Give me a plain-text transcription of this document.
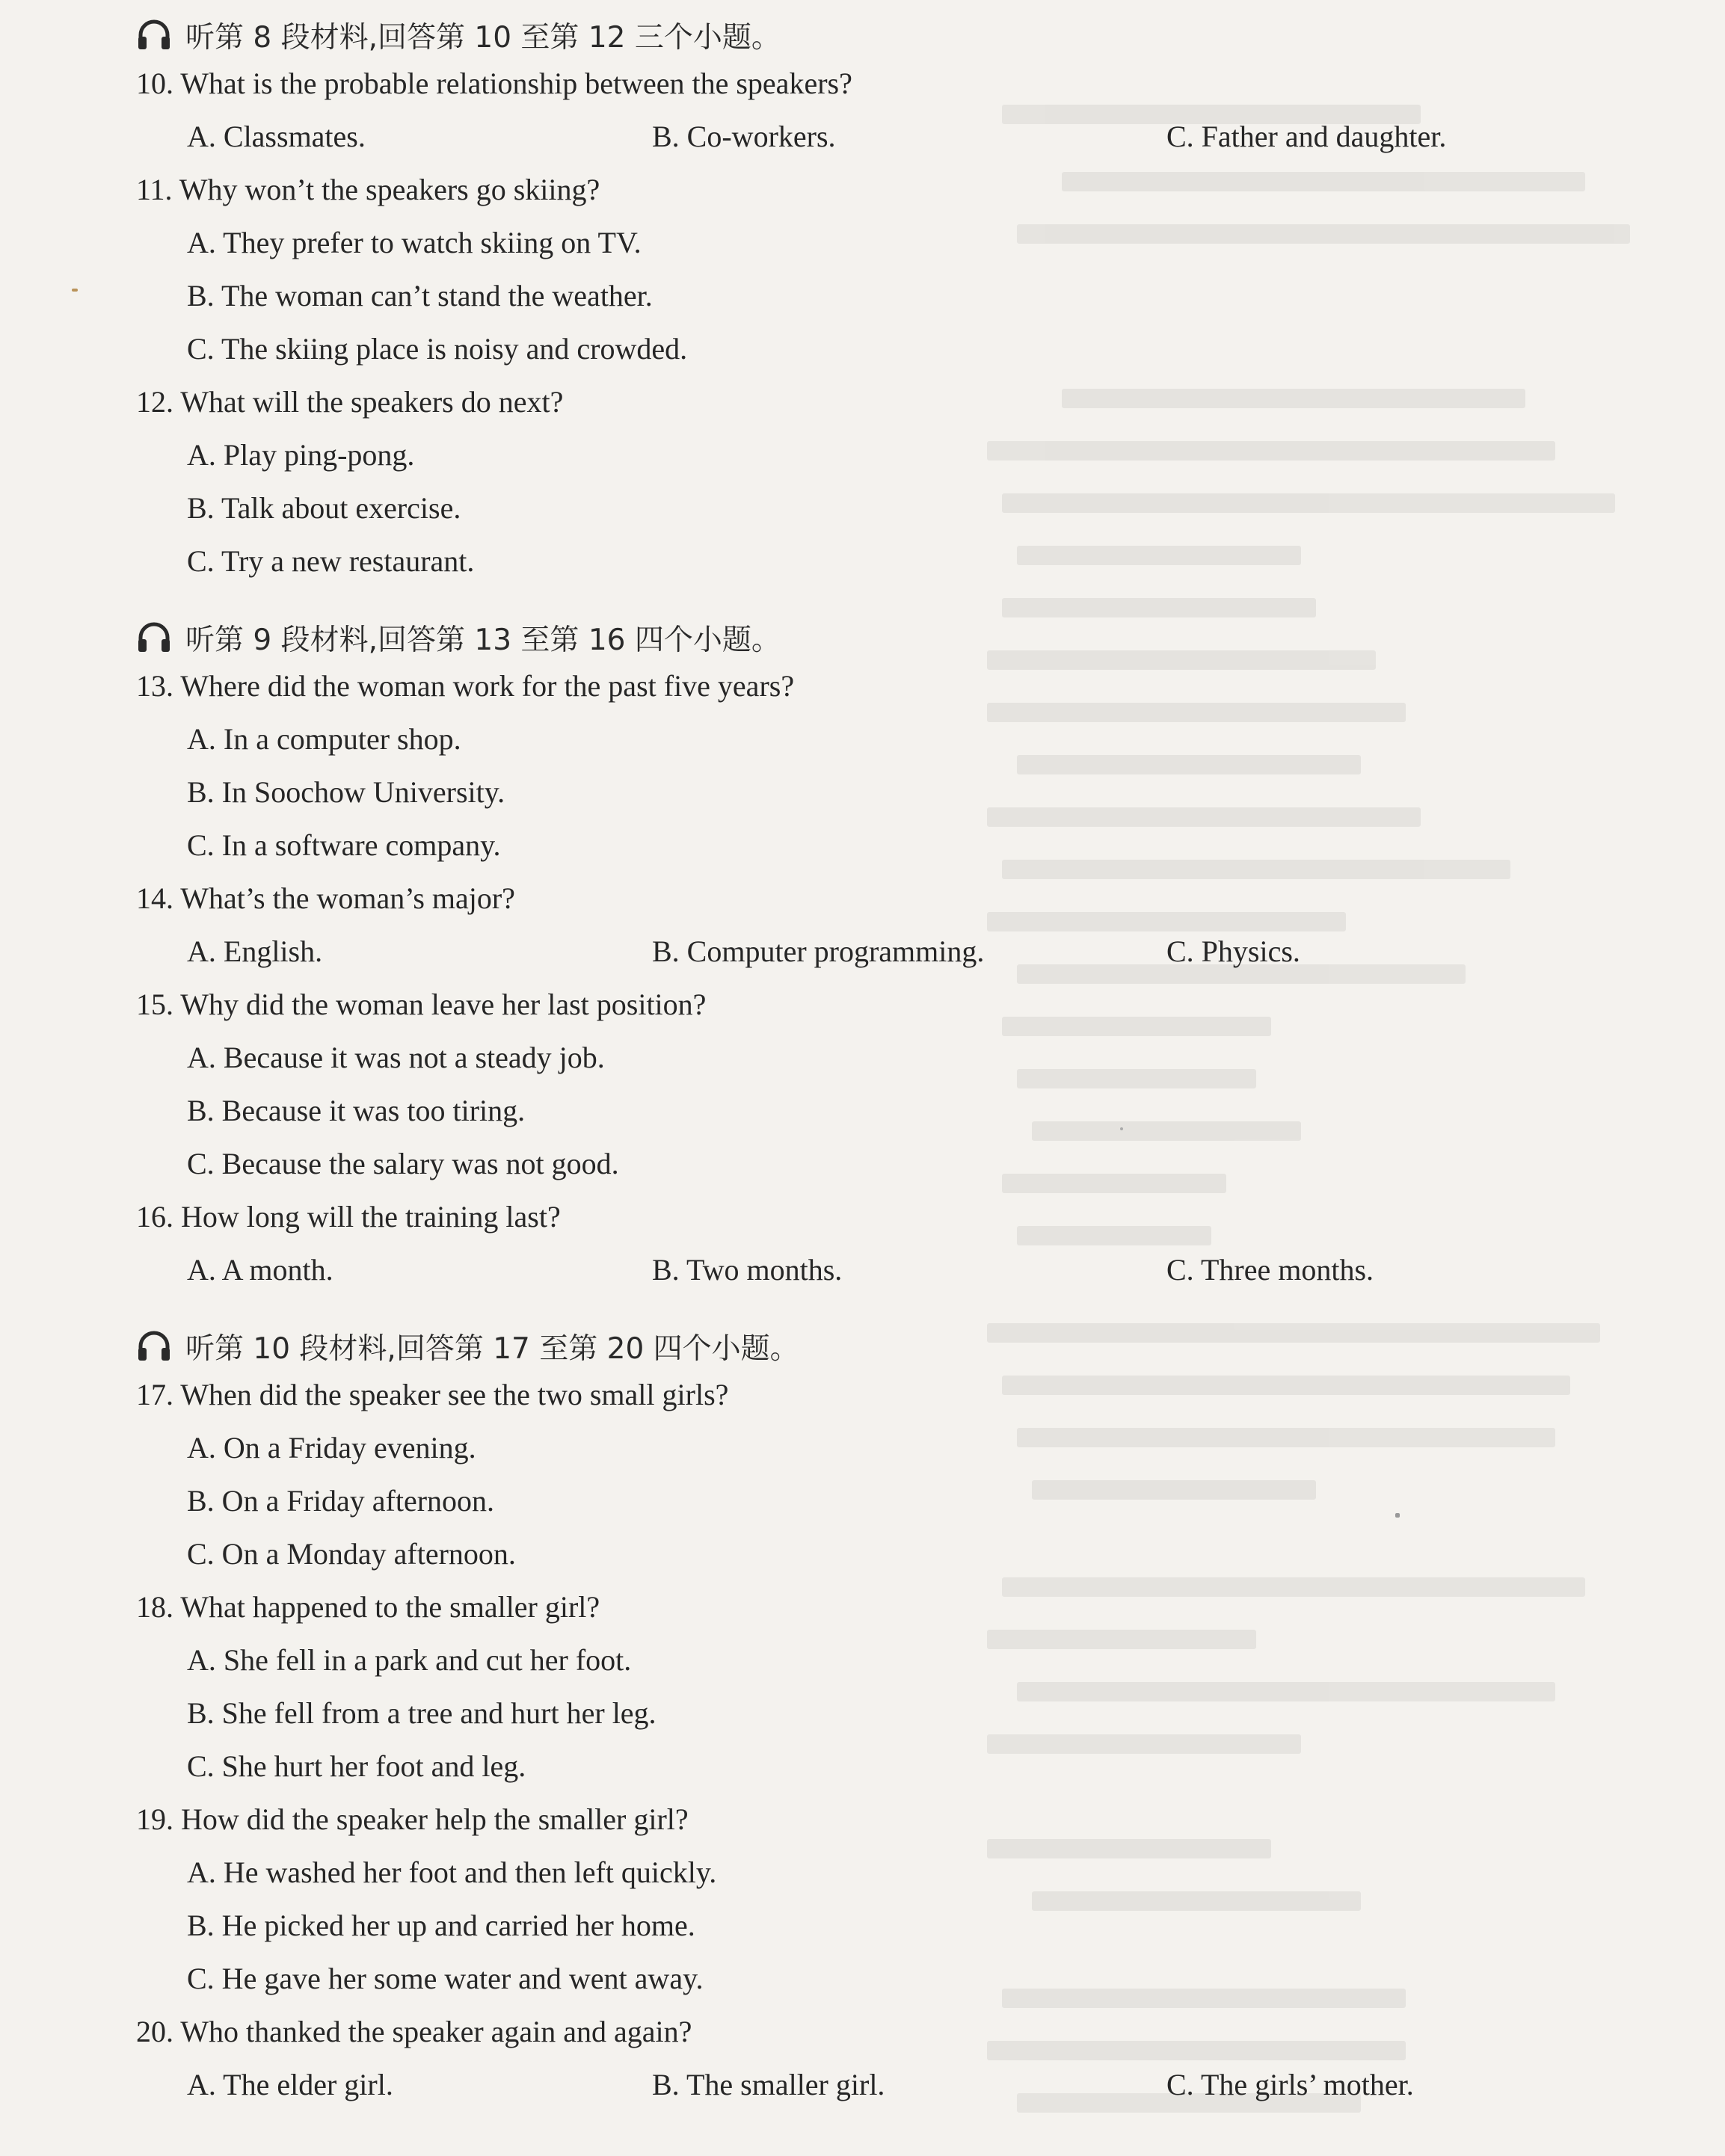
听第 8 段材料,回答第 10 至第 12 三个小题。
10. What is the probable relationship between the speakers?
A. Classmates.	B. Co-workers.	C. Father and daughter.
11. Why won’t the speakers go skiing?
A. They prefer to watch skiing on TV.
B. The woman can’t stand the weather.
C. The skiing place is noisy and crowded.
12. What will the speakers do next?
A. Play ping-pong.
B. Talk about exercise.
C. Try a new restaurant.
听第 9 段材料,回答第 13 至第 16 四个小题。
13. Where did the woman work for the past five years?
A. In a computer shop.
B. In Soochow University.
C. In a software company.
14. What’s the woman’s major?
A. English.	B. Computer programming.	C. Physics.
15. Why did the woman leave her last position?
A. Because it was not a steady job.
B. Because it was too tiring.
C. Because the salary was not good.
16. How long will the training last?
A. A month.	B. Two months.	C. Three months.
听第 10 段材料,回答第 17 至第 20 四个小题。
17. When did the speaker see the two small girls?
A. On a Friday evening.
B. On a Friday afternoon.
C. On a Monday afternoon.
18. What happened to the smaller girl?
A. She fell in a park and cut her foot.
B. She fell from a tree and hurt her leg.
C. She hurt her foot and leg.
19. How did the speaker help the smaller girl?
A. He washed her foot and then left quickly.
B. He picked her up and carried her home.
C. He gave her some water and went away.
20. Who thanked the speaker again and again?
A. The elder girl.	B. The smaller girl.	C. The girls’ mother.
